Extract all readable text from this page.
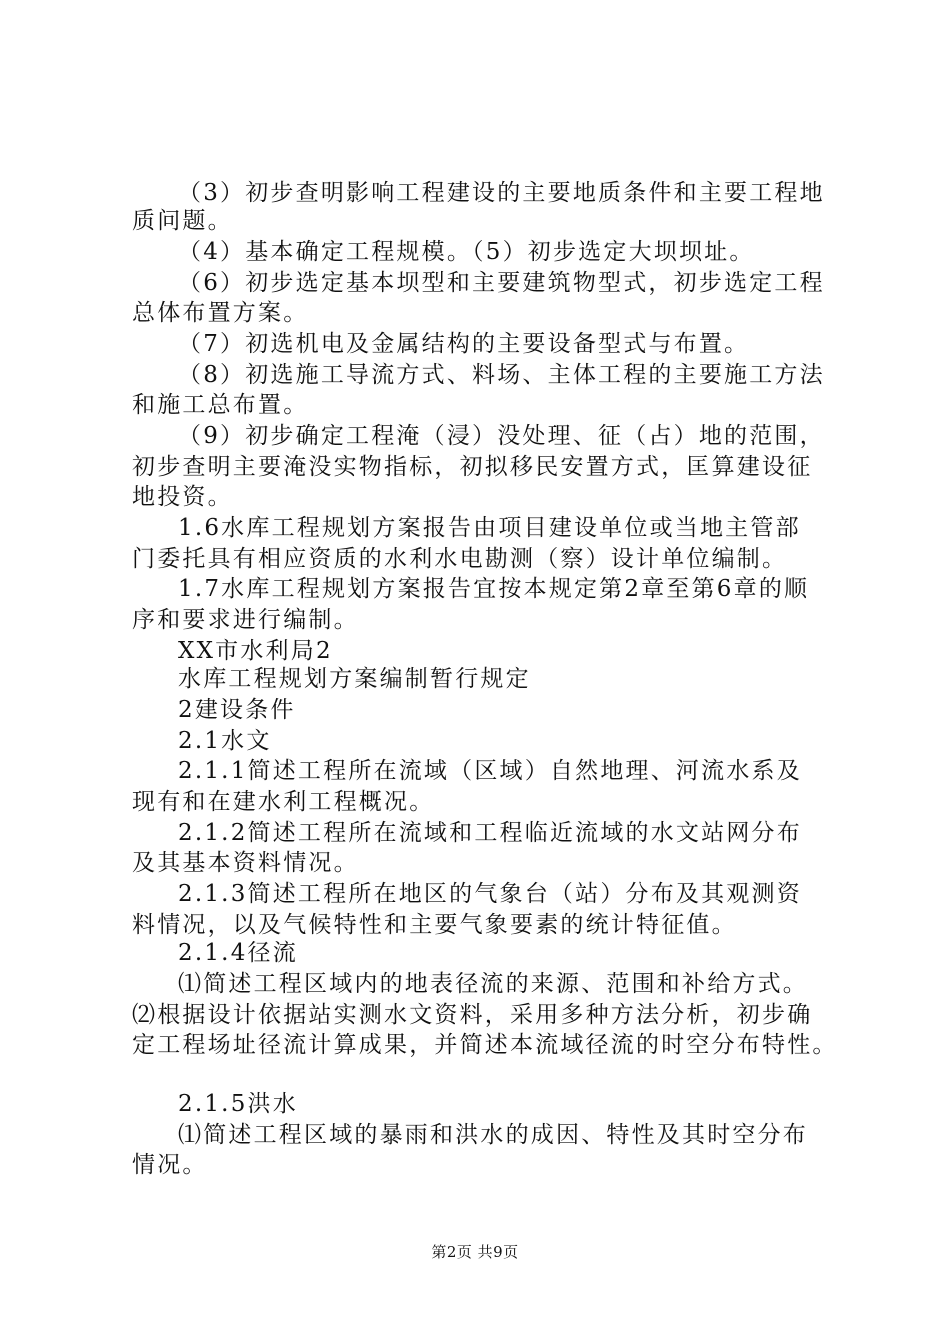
（3）初步查明影响工程建设的主要地质条件和主要工程地
质问题。
（4）基本确定工程规模。（5）初步选定大坝坝址。
（6）初步选定基本坝型和主要建筑物型式，初步选定工程
总体布置方案。
（7）初选机电及金属结构的主要设备型式与布置。
（8）初选施工导流方式、料场、主体工程的主要施工方法
和施工总布置。
（9）初步确定工程淹（浸）没处理、征（占）地的范围，
初步查明主要淹没实物指标，初拟移民安置方式，匡算建设征
地投资。
1.6水库工程规划方案报告由项目建设单位或当地主管部
门委托具有相应资质的水利水电勘测（察）设计单位编制。
1.7水库工程规划方案报告宜按本规定第2章至第6章的顺
序和要求进行编制。
XX市水利局2
水库工程规划方案编制暂行规定
2建设条件
2.1水文
2.1.1简述工程所在流域（区域）自然地理、河流水系及
现有和在建水利工程概况。
2.1.2简述工程所在流域和工程临近流域的水文站网分布
及其基本资料情况。
2.1.3简述工程所在地区的气象台（站）分布及其观测资
料情况，以及气候特性和主要气象要素的统计特征值。
2.1.4径流
⑴简述工程区域内的地表径流的来源、范围和补给方式。
⑵根据设计依据站实测水文资料，采用多种方法分析，初步确
定工程场址径流计算成果，并简述本流域径流的时空分布特性。
2.1.5洪水
⑴简述工程区域的暴雨和洪水的成因、特性及其时空分布
情况。
第2页 共9页
